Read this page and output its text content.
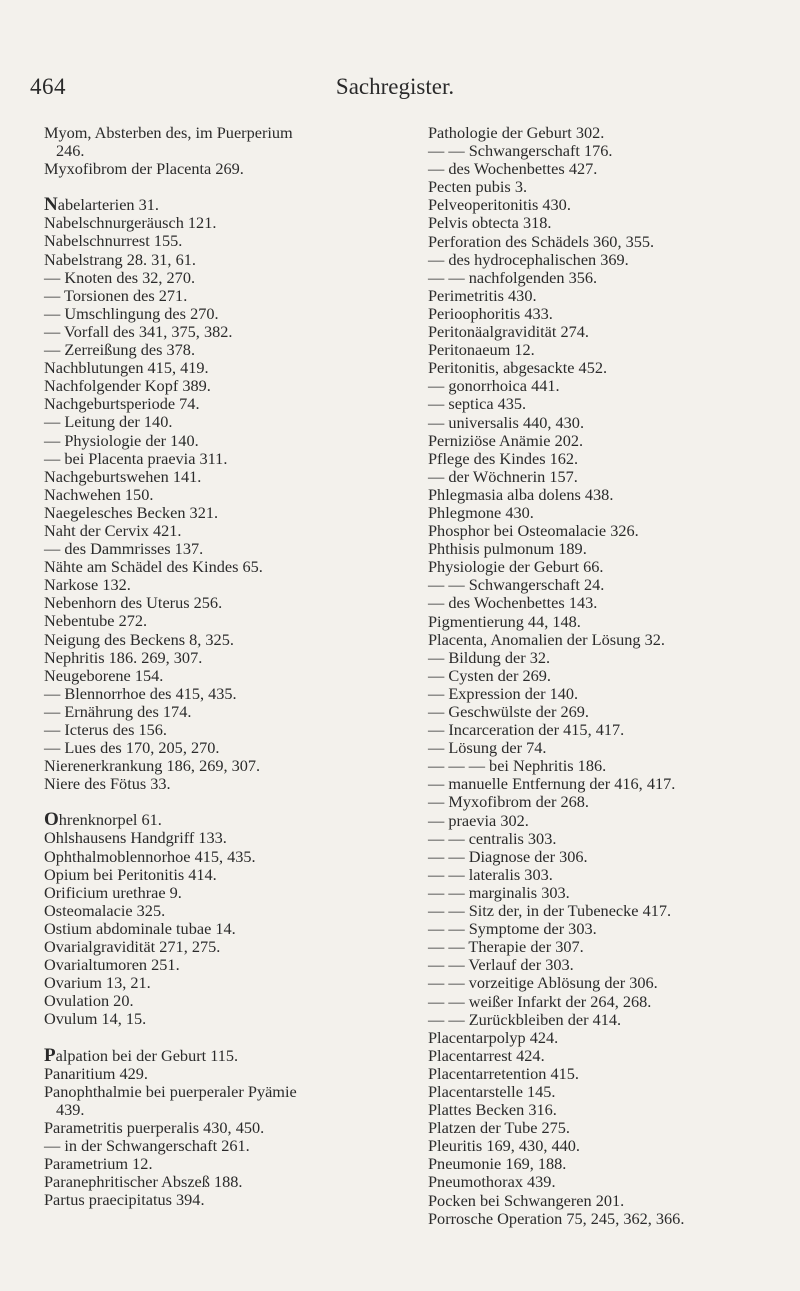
464	Sachregister.
Myom, Absterben des, im Puerperium
246.
Myxofibrom der Placenta 269.
Nabelarterien 31.
Nabelschnurgeräusch 121.
Nabelschnurrest 155.
Nabelstrang 28. 31, 61.
— Knoten des 32, 270.
— Torsionen des 271.
— Umschlingung des 270.
— Vorfall des 341, 375, 382.
— Zerreißung des 378.
Nachblutungen 415, 419.
Nachfolgender Kopf 389.
Nachgeburtsperiode 74.
— Leitung der 140.
— Physiologie der 140.
— bei Placenta praevia 311.
Nachgeburtswehen 141.
Nachwehen 150.
Naegelesches Becken 321.
Naht der Cervix 421.
— des Dammrisses 137.
Nähte am Schädel des Kindes 65.
Narkose 132.
Nebenhorn des Uterus 256.
Nebentube 272.
Neigung des Beckens 8, 325.
Nephritis 186. 269, 307.
Neugeborene 154.
— Blennorrhoe des 415, 435.
— Ernährung des 174.
— Icterus des 156.
— Lues des 170, 205, 270.
Nierenerkrankung 186, 269, 307.
Niere des Fötus 33.
Ohrenknorpel 61.
Ohlshausens Handgriff 133.
Ophthalmoblennorhoe 415, 435.
Opium bei Peritonitis 414.
Orificium urethrae 9.
Osteomalacie 325.
Ostium abdominale tubae 14.
Ovarialgravidität 271, 275.
Ovarialtumoren 251.
Ovarium 13, 21.
Ovulation 20.
Ovulum 14, 15.
Palpation bei der Geburt 115.
Panaritium 429.
Panophthalmie bei puerperaler Pyämie
439.
Parametritis puerperalis 430, 450.
— in der Schwangerschaft 261.
Parametrium 12.
Paranephritischer Abszeß 188.
Partus praecipitatus 394.
Pathologie der Geburt 302.
— — Schwangerschaft 176.
— des Wochenbettes 427.
Pecten pubis 3.
Pelveoperitonitis 430.
Pelvis obtecta 318.
Perforation des Schädels 360, 355.
— des hydrocephalischen 369.
— — nachfolgenden 356.
Perimetritis 430.
Perioophoritis 433.
Peritonäalgravidität 274.
Peritonaeum 12.
Peritonitis, abgesackte 452.
— gonorrhoica 441.
— septica 435.
— universalis 440, 430.
Perniziöse Anämie 202.
Pflege des Kindes 162.
— der Wöchnerin 157.
Phlegmasia alba dolens 438.
Phlegmone 430.
Phosphor bei Osteomalacie 326.
Phthisis pulmonum 189.
Physiologie der Geburt 66.
— — Schwangerschaft 24.
— des Wochenbettes 143.
Pigmentierung 44, 148.
Placenta, Anomalien der Lösung 32.
— Bildung der 32.
— Cysten der 269.
— Expression der 140.
— Geschwülste der 269.
— Incarceration der 415, 417.
— Lösung der 74.
— — — bei Nephritis 186.
— manuelle Entfernung der 416, 417.
— Myxofibrom der 268.
— praevia 302.
— — centralis 303.
— — Diagnose der 306.
— — lateralis 303.
— — marginalis 303.
— — Sitz der, in der Tubenecke 417.
— — Symptome der 303.
— — Therapie der 307.
— — Verlauf der 303.
— — vorzeitige Ablösung der 306.
— — weißer Infarkt der 264, 268.
— — Zurückbleiben der 414.
Placentarpolyp 424.
Placentarrest 424.
Placentarretention 415.
Placentarstelle 145.
Plattes Becken 316.
Platzen der Tube 275.
Pleuritis 169, 430, 440.
Pneumonie 169, 188.
Pneumothorax 439.
Pocken bei Schwangeren 201.
Porrosche Operation 75, 245, 362, 366.
